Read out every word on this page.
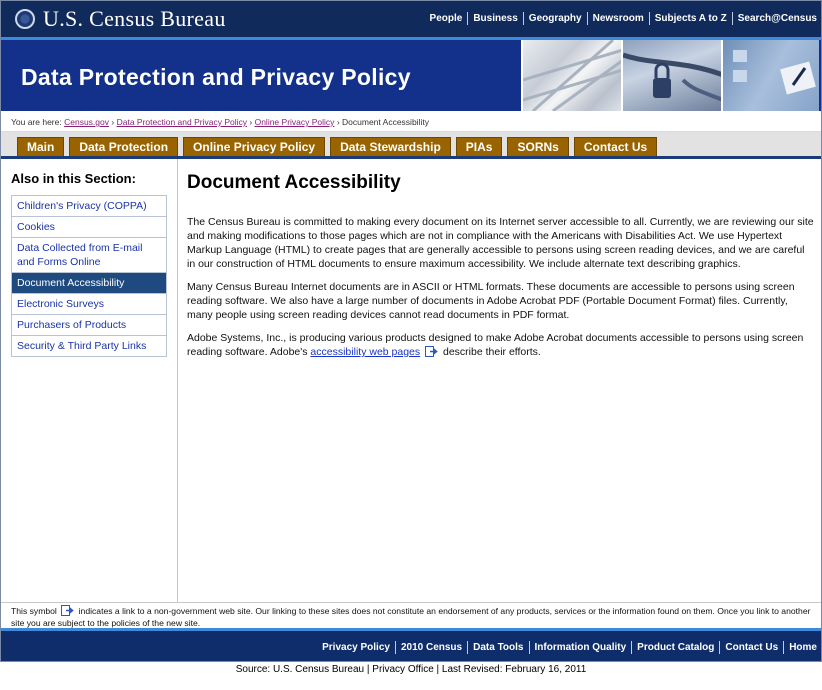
U.S. Census Bureau	People	Business	Geography	Newsroom	Subjects A to Z	Search@Census
Data Protection and Privacy Policy
You are here: Census.gov › Data Protection and Privacy Policy › Online Privacy Policy › Document Accessibility
Main	Data Protection	Online Privacy Policy	Data Stewardship	PIAs	SORNs	Contact Us
Also in this Section:
Children's Privacy (COPPA)
Cookies
Data Collected from E-mail and Forms Online
Document Accessibility
Electronic Surveys
Purchasers of Products
Security & Third Party Links
Document Accessibility

The Census Bureau is committed to making every document on its Internet server accessible to all. Currently, we are reviewing our site and making modifications to those pages which are not in compliance with the Americans with Disabilities Act. We use Hypertext Markup Language (HTML) to create pages that are generally accessible to persons using screen reading devices, and we are careful in our construction of HTML documents to ensure maximum accessibility. We include alternate text describing graphics.

Many Census Bureau Internet documents are in ASCII or HTML formats. These documents are accessible to persons using screen reading software. We also have a large number of documents in Adobe Acrobat PDF (Portable Document Format) files. Currently, many people using screen reading devices cannot read documents in PDF format.

Adobe Systems, Inc., is producing various products designed to make Adobe Acrobat documents accessible to persons using screen reading software. Adobe's accessibility web pages describe their efforts.

This symbol	indicates a link to a non-government web site. Our linking to these sites does not constitute an endorsement of any products, services or the information found on them. Once you link to another site you are subject to the policies of the new site.
Privacy Policy	2010 Census	Data Tools	Information Quality	Product Catalog	Contact Us	Home
Source: U.S. Census Bureau | Privacy Office | Last Revised: February 16, 2011
